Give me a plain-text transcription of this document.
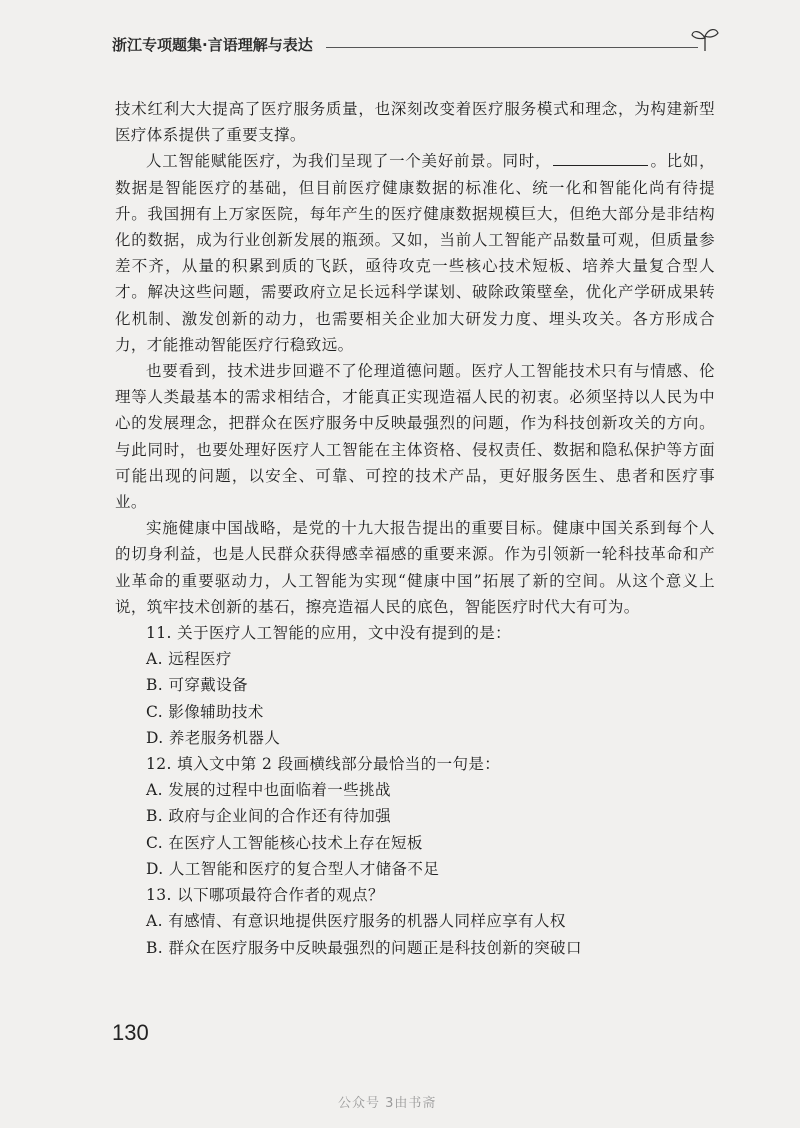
浙江专项题集·言语理解与表达

技术红利大大提高了医疗服务质量，也深刻改变着医疗服务模式和理念，为构建新型医疗体系提供了重要支撑。

人工智能赋能医疗，为我们呈现了一个美好前景。同时，	。比如，数据是智能医疗的基础，但目前医疗健康数据的标准化、统一化和智能化尚有待提升。我国拥有上万家医院，每年产生的医疗健康数据规模巨大，但绝大部分是非结构化的数据，成为行业创新发展的瓶颈。又如，当前人工智能产品数量可观，但质量参差不齐，从量的积累到质的飞跃，亟待攻克一些核心技术短板、培养大量复合型人才。解决这些问题，需要政府立足长远科学谋划、破除政策壁垒，优化产学研成果转化机制、激发创新的动力，也需要相关企业加大研发力度、埋头攻关。各方形成合力，才能推动智能医疗行稳致远。

也要看到，技术进步回避不了伦理道德问题。医疗人工智能技术只有与情感、伦理等人类最基本的需求相结合，才能真正实现造福人民的初衷。必须坚持以人民为中心的发展理念，把群众在医疗服务中反映最强烈的问题，作为科技创新攻关的方向。与此同时，也要处理好医疗人工智能在主体资格、侵权责任、数据和隐私保护等方面可能出现的问题，以安全、可靠、可控的技术产品，更好服务医生、患者和医疗事业。

实施健康中国战略，是党的十九大报告提出的重要目标。健康中国关系到每个人的切身利益，也是人民群众获得感幸福感的重要来源。作为引领新一轮科技革命和产业革命的重要驱动力，人工智能为实现“健康中国”拓展了新的空间。从这个意义上说，筑牢技术创新的基石，擦亮造福人民的底色，智能医疗时代大有可为。

11. 关于医疗人工智能的应用，文中没有提到的是：

A. 远程医疗

B. 可穿戴设备

C. 影像辅助技术

D. 养老服务机器人

12. 填入文中第 2 段画横线部分最恰当的一句是：

A. 发展的过程中也面临着一些挑战

B. 政府与企业间的合作还有待加强

C. 在医疗人工智能核心技术上存在短板

D. 人工智能和医疗的复合型人才储备不足

13. 以下哪项最符合作者的观点？

A. 有感情、有意识地提供医疗服务的机器人同样应享有人权

B. 群众在医疗服务中反映最强烈的问题正是科技创新的突破口

130
公众号 3由书斋
